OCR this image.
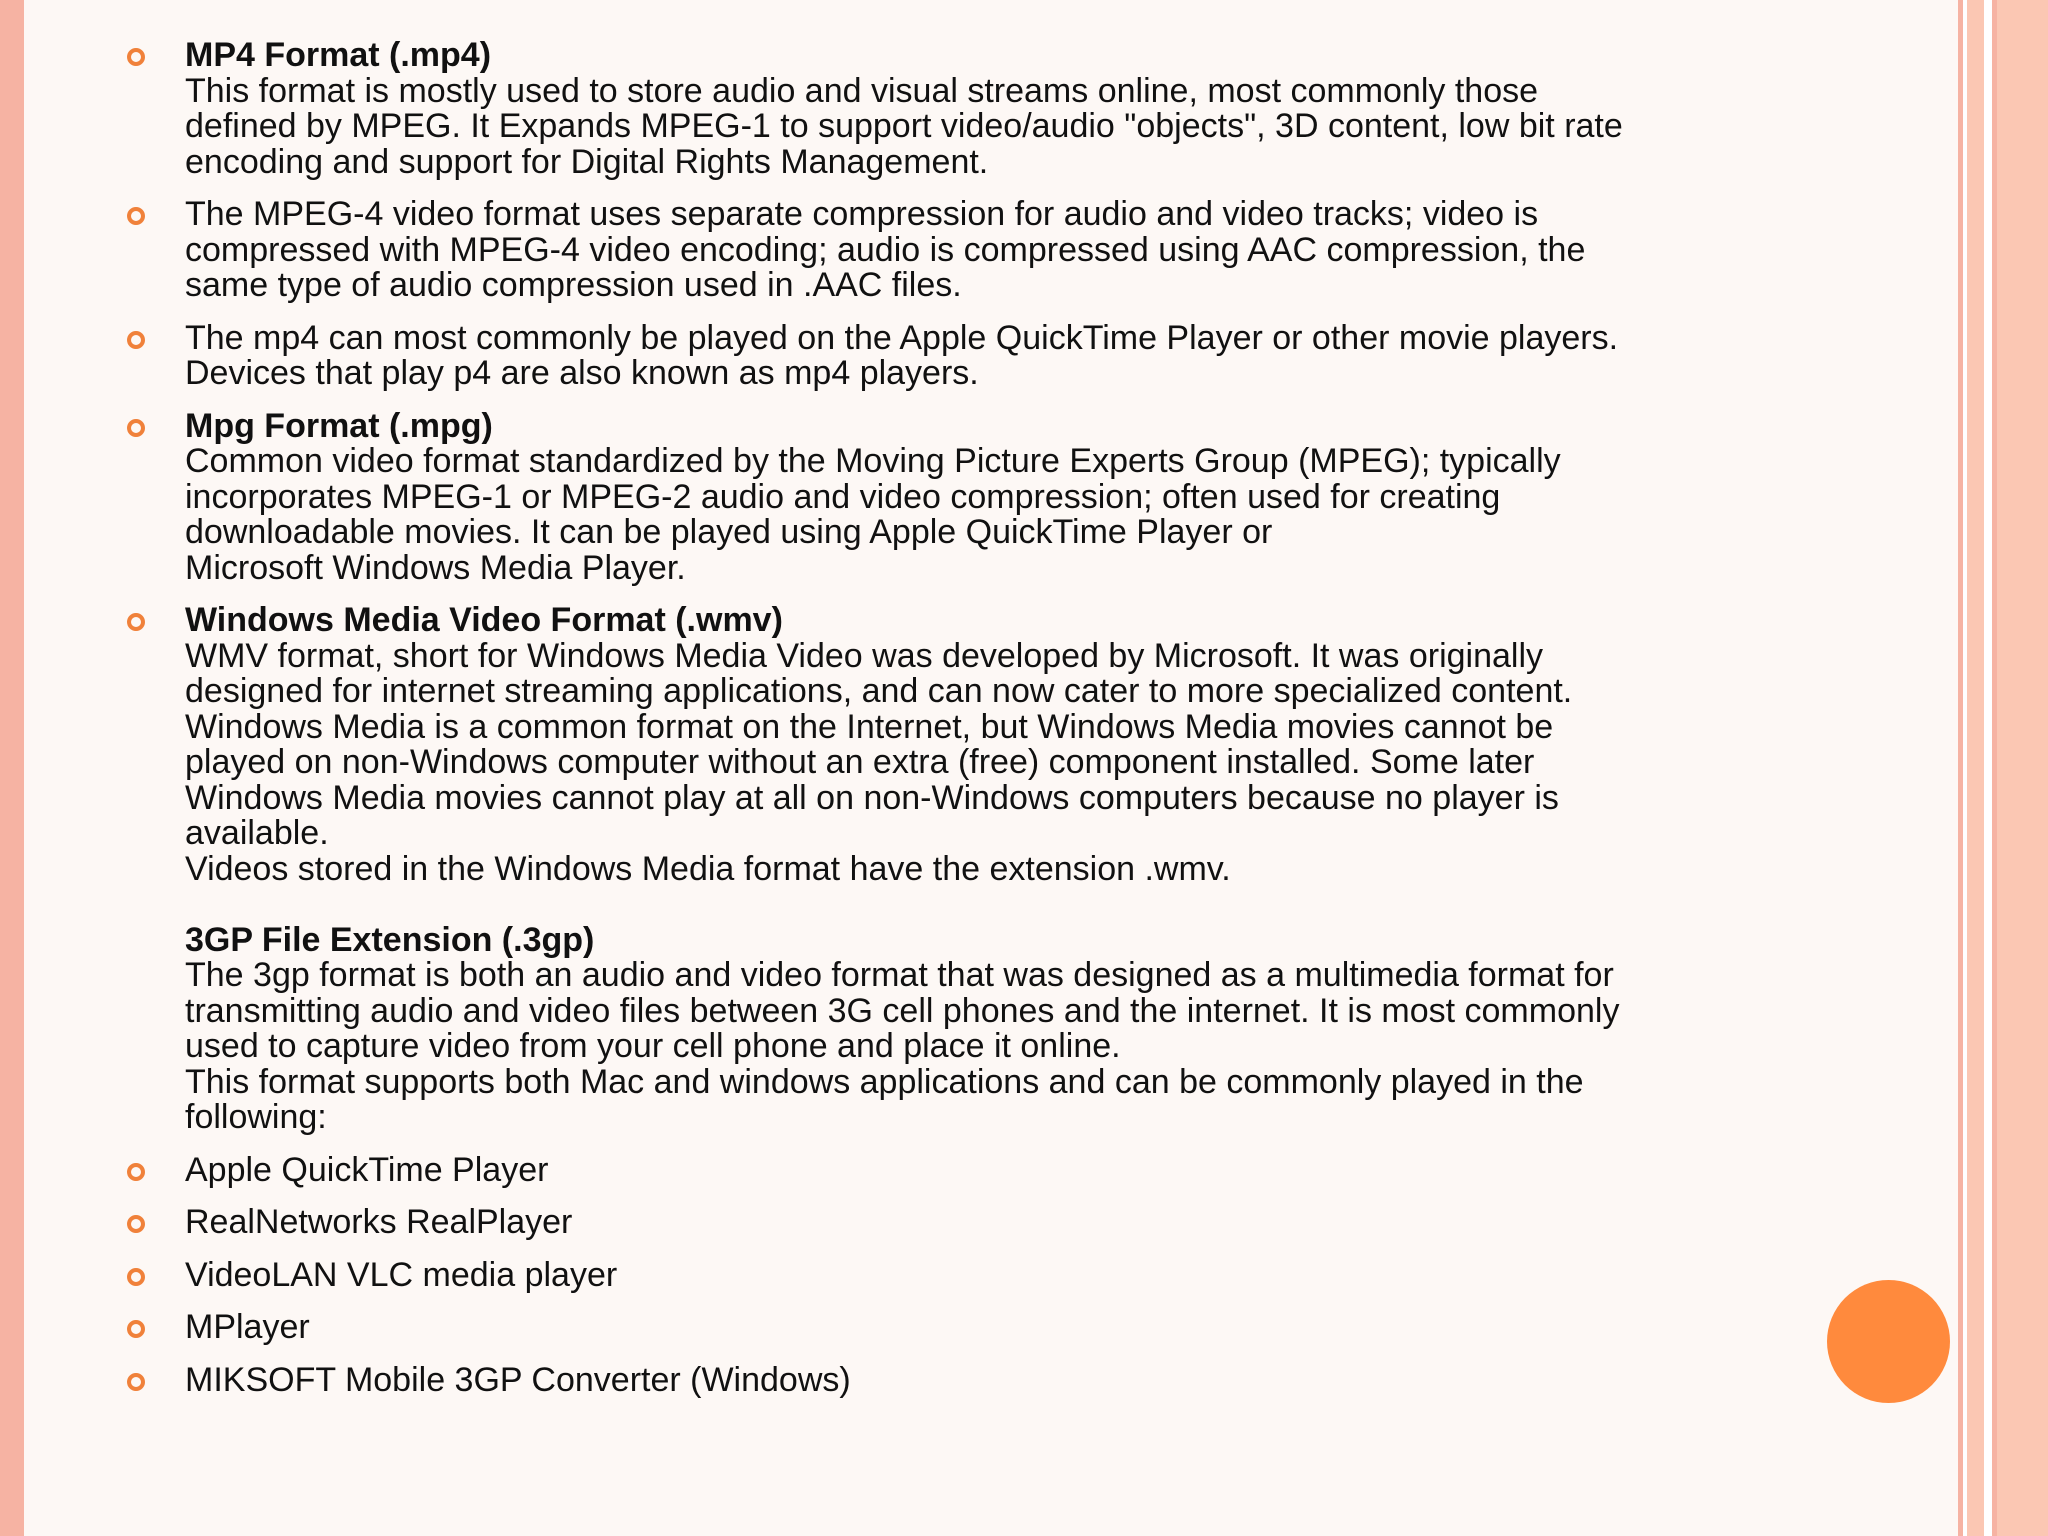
MP4 Format (.mp4)
This format is mostly used to store audio and visual streams online, most commonly those
defined by MPEG. It Expands MPEG-1 to support video/audio "objects", 3D content, low bit rate
encoding and support for Digital Rights Management.
The MPEG-4 video format uses separate compression for audio and video tracks; video is
compressed with MPEG-4 video encoding; audio is compressed using AAC compression, the
same type of audio compression used in .AAC files.
The mp4 can most commonly be played on the Apple QuickTime Player or other movie players.
Devices that play p4 are also known as mp4 players.
Mpg Format (.mpg)
Common video format standardized by the Moving Picture Experts Group (MPEG); typically
incorporates MPEG-1 or MPEG-2 audio and video compression; often used for creating
downloadable movies. It can be played using Apple QuickTime Player or
Microsoft Windows Media Player.
Windows Media Video Format (.wmv)
WMV format, short for Windows Media Video was developed by Microsoft. It was originally
designed for internet streaming applications, and can now cater to more specialized content.
Windows Media is a common format on the Internet, but Windows Media movies cannot be
played on non-Windows computer without an extra (free) component installed. Some later
Windows Media movies cannot play at all on non-Windows computers because no player is
available.
Videos stored in the Windows Media format have the extension .wmv.
3GP File Extension (.3gp)
The 3gp format is both an audio and video format that was designed as a multimedia format for
transmitting audio and video files between 3G cell phones and the internet. It is most commonly
used to capture video from your cell phone and place it online.
This format supports both Mac and windows applications and can be commonly played in the
following:
Apple QuickTime Player
RealNetworks RealPlayer
VideoLAN VLC media player
MPlayer
MIKSOFT Mobile 3GP Converter (Windows)
